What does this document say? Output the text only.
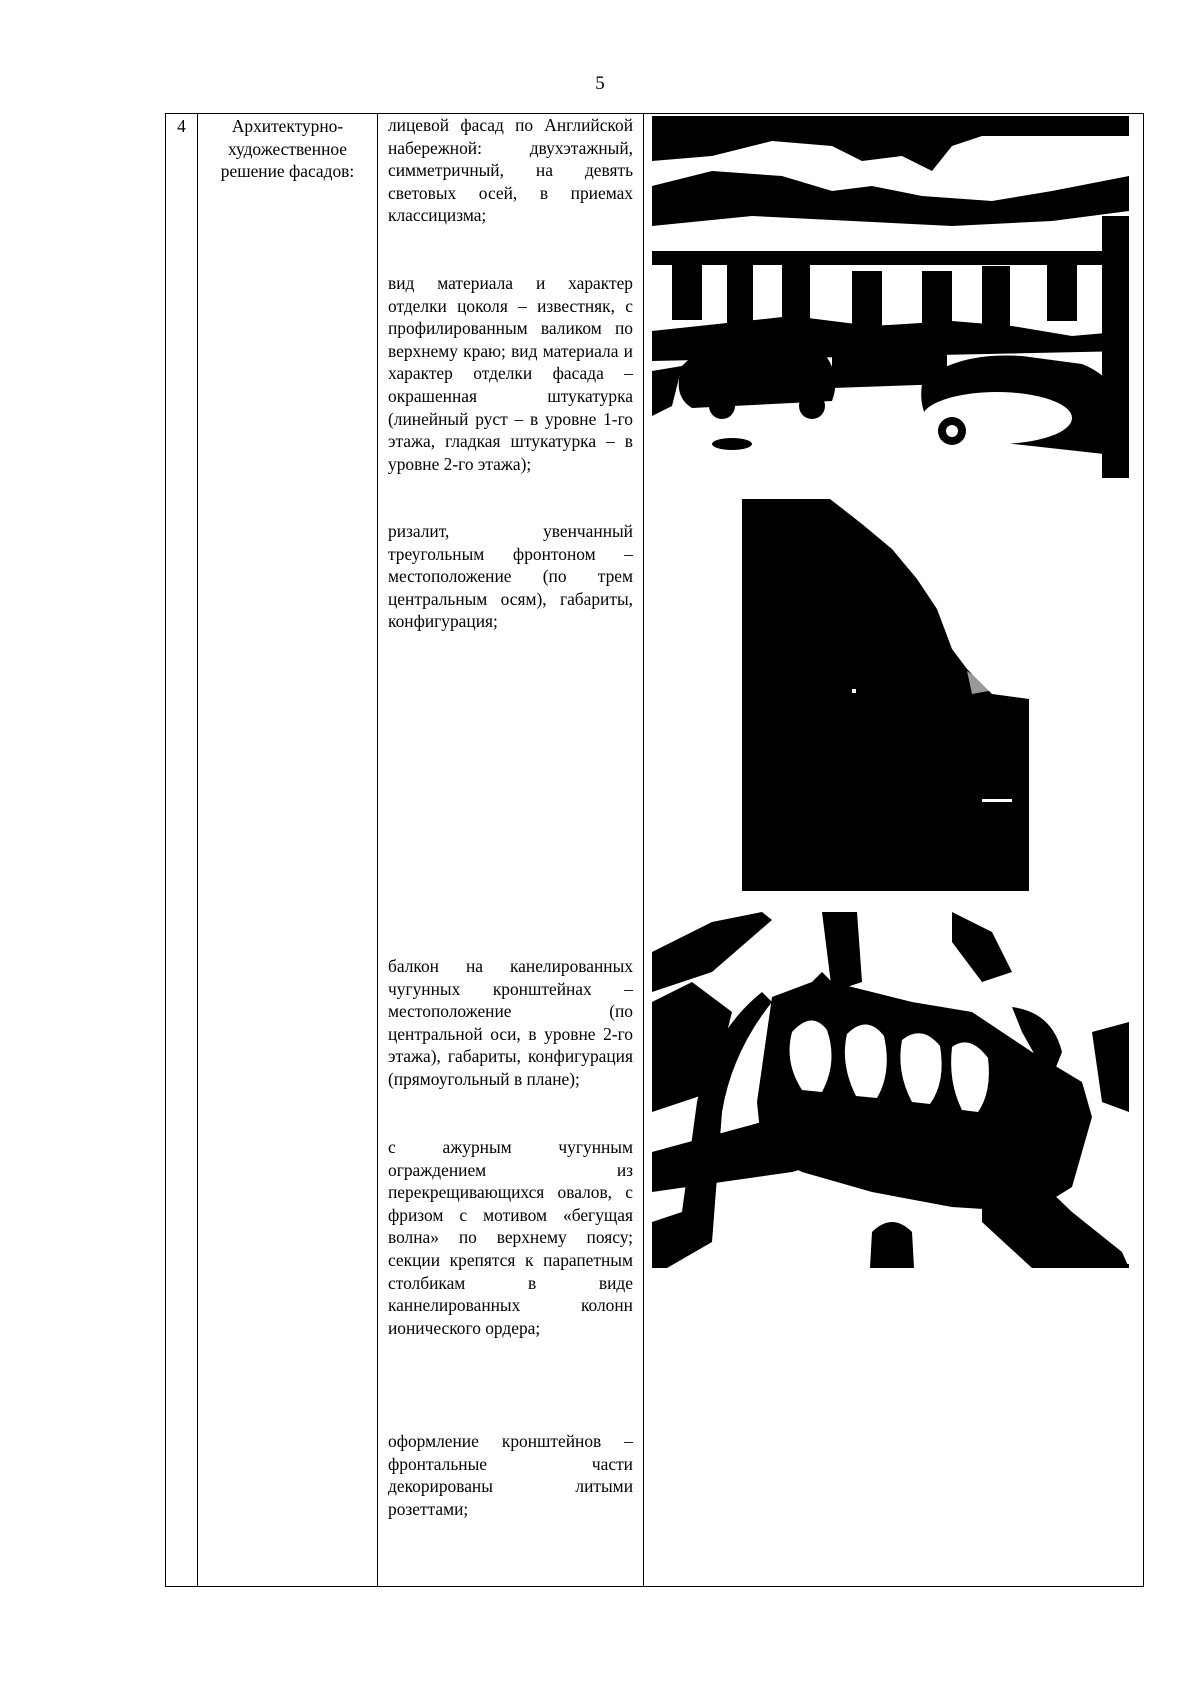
5
4	Архитектурно-художественное решение фасадов:	
лицевой фасад по Английской набережной: двухэтажный, симметричный, на девять световых осей, в приемах классицизма;
вид материала и характер отделки цоколя – известняк, с профилированным валиком по верхнему краю; вид материала и характер отделки фасада – окрашенная штукатурка (линейный руст – в уровне 1-го этажа, гладкая штукатурка – в уровне 2-го этажа);
ризалит, увенчанный треугольным фронтоном – местоположение (по трем центральным осям), габариты, конфигурация;
балкон на канелированных чугунных кронштейнах – местоположение (по центральной оси, в уровне 2-го этажа), габариты, конфигурация (прямоугольный в плане);
с ажурным чугунным ограждением из перекрещивающихся овалов, с фризом с мотивом «бегущая волна» по верхнему поясу; секции крепятся к парапетным столбикам в виде каннелированных колонн ионического ордера;
оформление кронштейнов – фронтальные части декорированы литыми розеттами;
